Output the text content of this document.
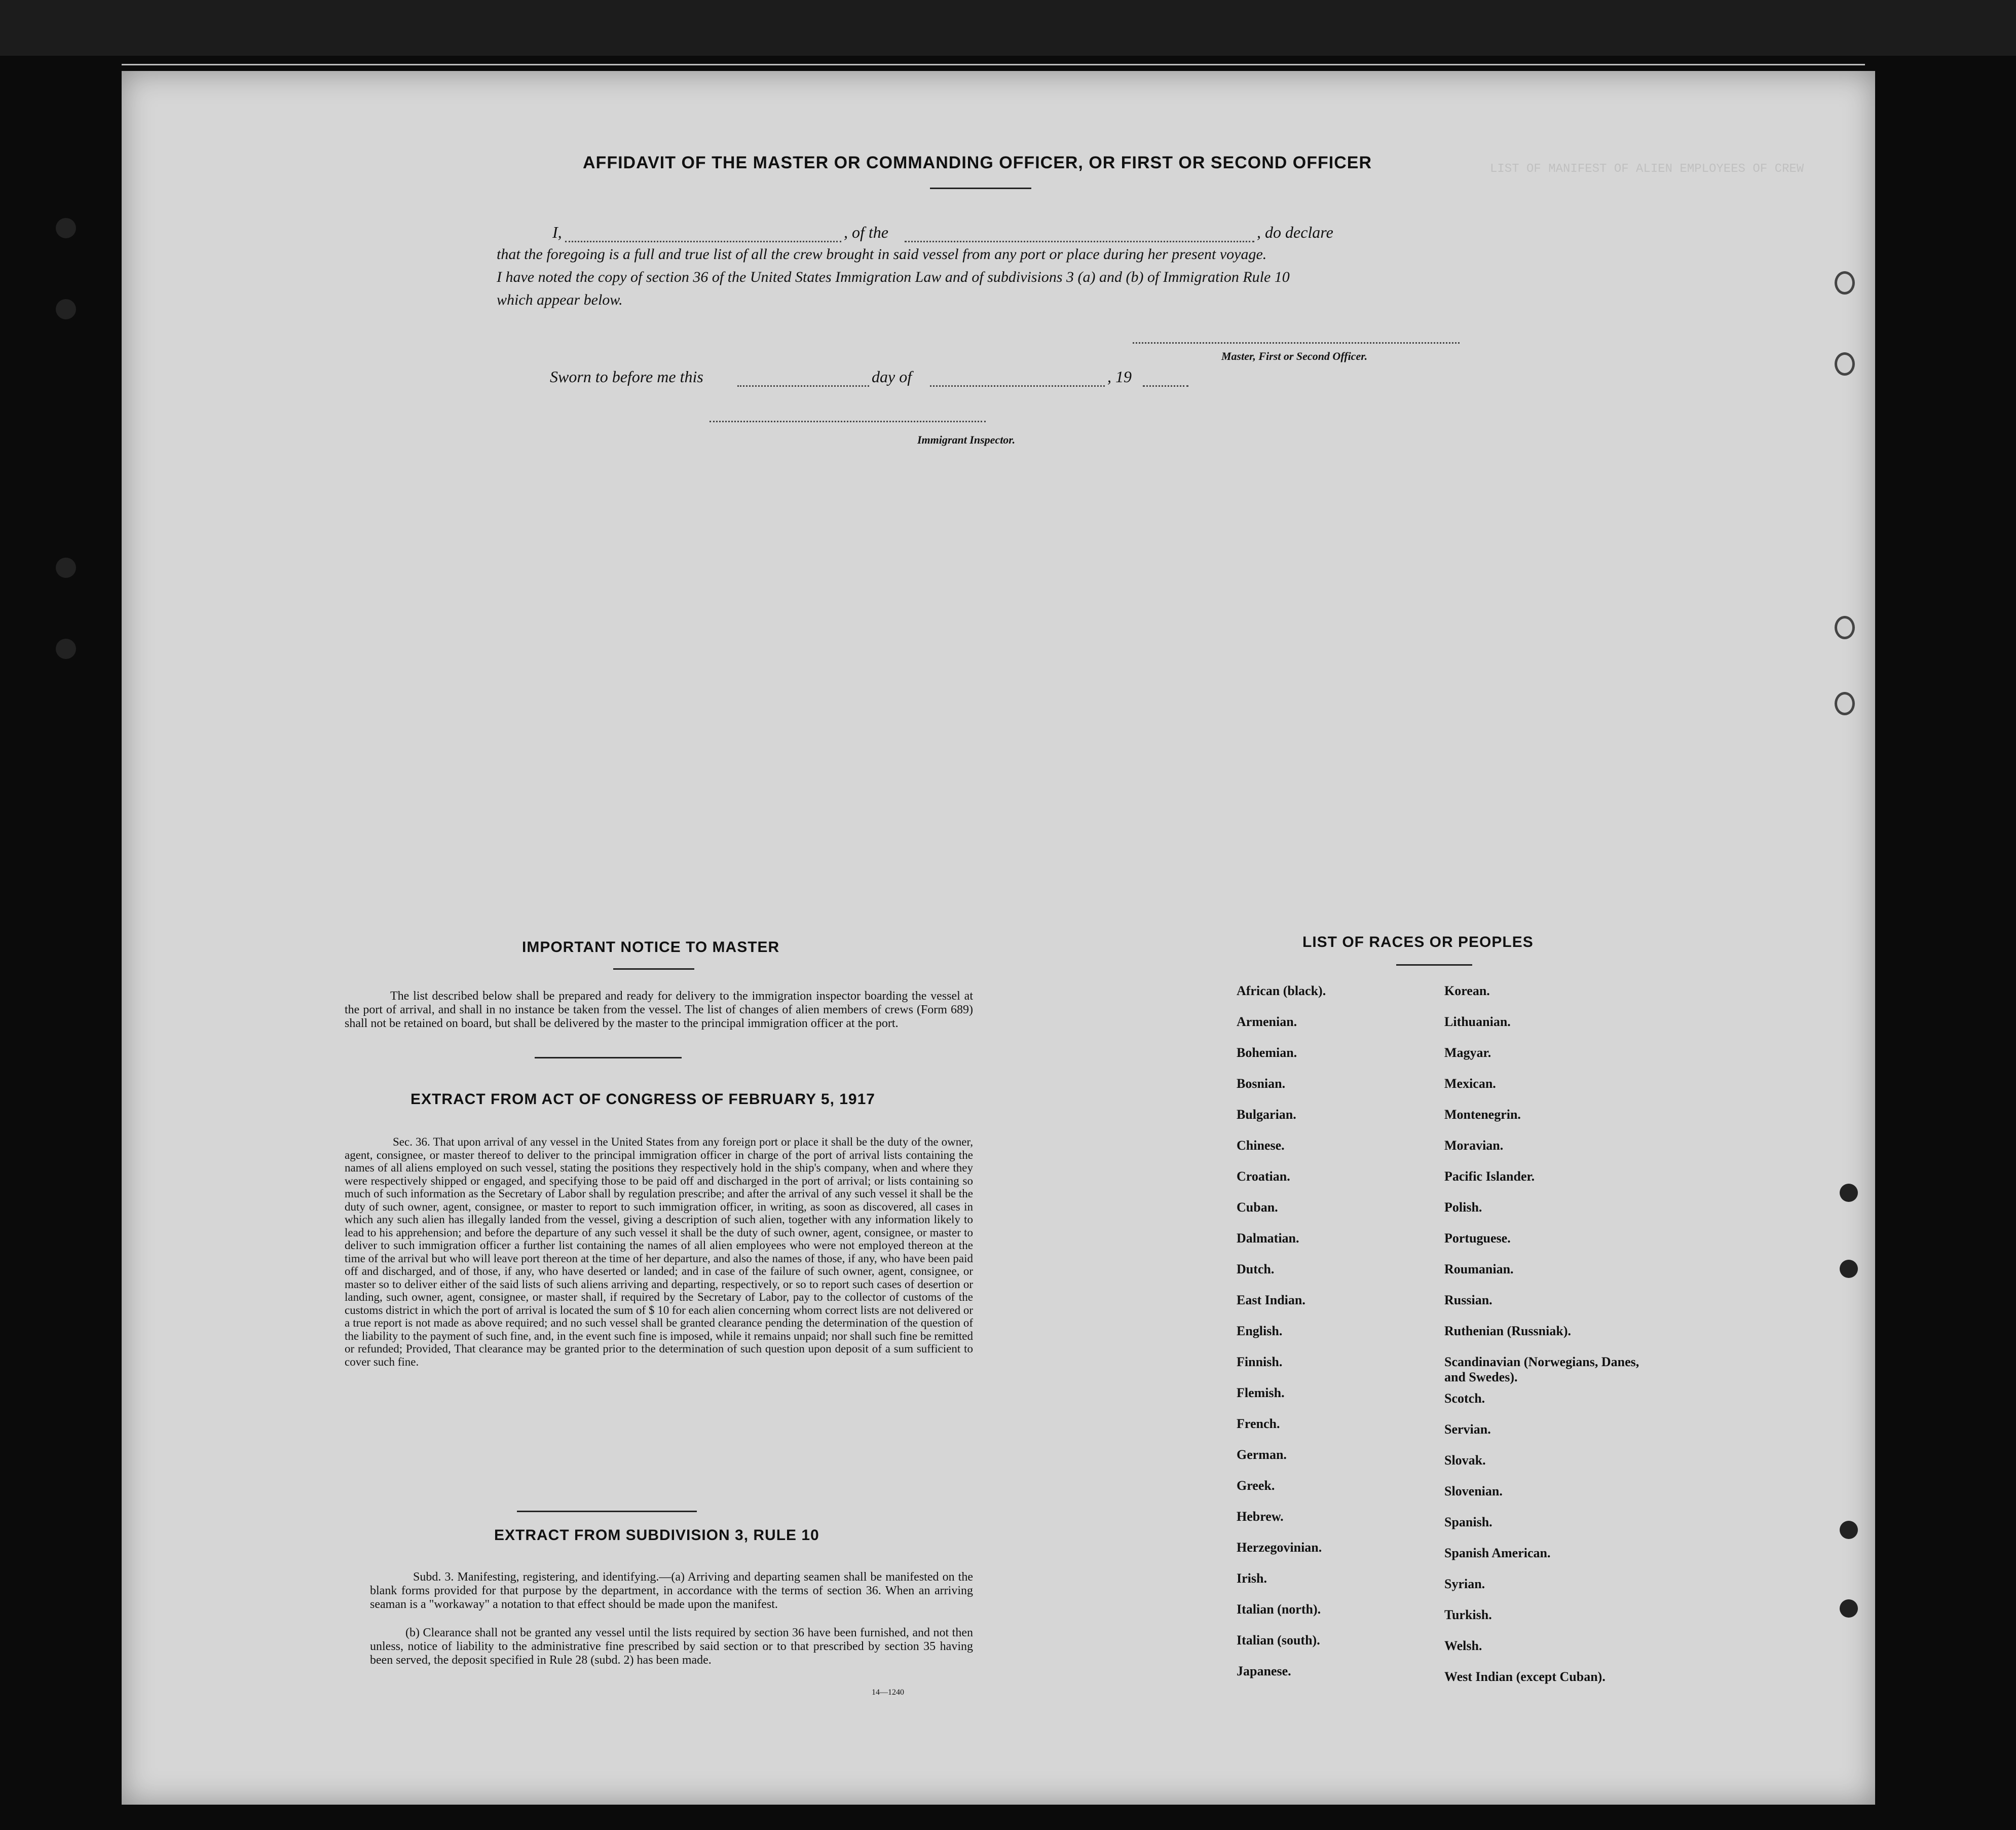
LIST OF MANIFEST OF ALIEN EMPLOYEES OF CREW
AFFIDAVIT OF THE MASTER OR COMMANDING OFFICER, OR FIRST OR SECOND OFFICER
I,	, of the	, do declare
that the foregoing is a full and true list of all the crew brought in said vessel from any port or place during her present voyage.
I have noted the copy of section 36 of the United States Immigration Law and of subdivisions 3 (a) and (b) of Immigration Rule 10
which appear below.
Master, First or Second Officer.
Sworn to before me this	day of	, 19
Immigrant Inspector.
IMPORTANT NOTICE TO MASTER
The list described below shall be prepared and ready for delivery to the immigration inspector boarding the vessel at the port of arrival, and shall in no instance be taken from the vessel. The list of changes of alien members of crews (Form 689) shall not be retained on board, but shall be delivered by the master to the principal immigration officer at the port.
EXTRACT FROM ACT OF CONGRESS OF FEBRUARY 5, 1917
Sec. 36. That upon arrival of any vessel in the United States from any foreign port or place it shall be the duty of the owner, agent, consignee, or master thereof to deliver to the principal immigration officer in charge of the port of arrival lists containing the names of all aliens employed on such vessel, stating the positions they respectively hold in the ship's company, when and where they were respectively shipped or engaged, and specifying those to be paid off and discharged in the port of arrival; or lists containing so much of such information as the Secretary of Labor shall by regulation prescribe; and after the arrival of any such vessel it shall be the duty of such owner, agent, consignee, or master to report to such immigration officer, in writing, as soon as discovered, all cases in which any such alien has illegally landed from the vessel, giving a description of such alien, together with any information likely to lead to his apprehension; and before the departure of any such vessel it shall be the duty of such owner, agent, consignee, or master to deliver to such immigration officer a further list containing the names of all alien employees who were not employed thereon at the time of the arrival but who will leave port thereon at the time of her departure, and also the names of those, if any, who have been paid off and discharged, and of those, if any, who have deserted or landed; and in case of the failure of such owner, agent, consignee, or master so to deliver either of the said lists of such aliens arriving and departing, respectively, or so to report such cases of desertion or landing, such owner, agent, consignee, or master shall, if required by the Secretary of Labor, pay to the collector of customs of the customs district in which the port of arrival is located the sum of $ 10 for each alien concerning whom correct lists are not delivered or a true report is not made as above required; and no such vessel shall be granted clearance pending the determination of the question of the liability to the payment of such fine, and, in the event such fine is imposed, while it remains unpaid; nor shall such fine be remitted or refunded; Provided, That clearance may be granted prior to the determination of such question upon deposit of a sum sufficient to cover such fine.
EXTRACT FROM SUBDIVISION 3, RULE 10
Subd. 3. Manifesting, registering, and identifying.—(a) Arriving and departing seamen shall be manifested on the blank forms provided for that purpose by the department, in accordance with the terms of section 36. When an arriving seaman is a "workaway" a notation to that effect should be made upon the manifest.
(b) Clearance shall not be granted any vessel until the lists required by section 36 have been furnished, and not then unless, notice of liability to the administrative fine prescribed by said section or to that prescribed by section 35 having been served, the deposit specified in Rule 28 (subd. 2) has been made.
14—1240
LIST OF RACES OR PEOPLES
African (black).
Armenian.
Bohemian.
Bosnian.
Bulgarian.
Chinese.
Croatian.
Cuban.
Dalmatian.
Dutch.
East Indian.
English.
Finnish.
Flemish.
French.
German.
Greek.
Hebrew.
Herzegovinian.
Irish.
Italian (north).
Italian (south).
Japanese.
Korean.
Lithuanian.
Magyar.
Mexican.
Montenegrin.
Moravian.
Pacific Islander.
Polish.
Portuguese.
Roumanian.
Russian.
Ruthenian (Russniak).
Scandinavian (Norwegians, Danes, and Swedes).
Scotch.
Servian.
Slovak.
Slovenian.
Spanish.
Spanish American.
Syrian.
Turkish.
Welsh.
West Indian (except Cuban).
